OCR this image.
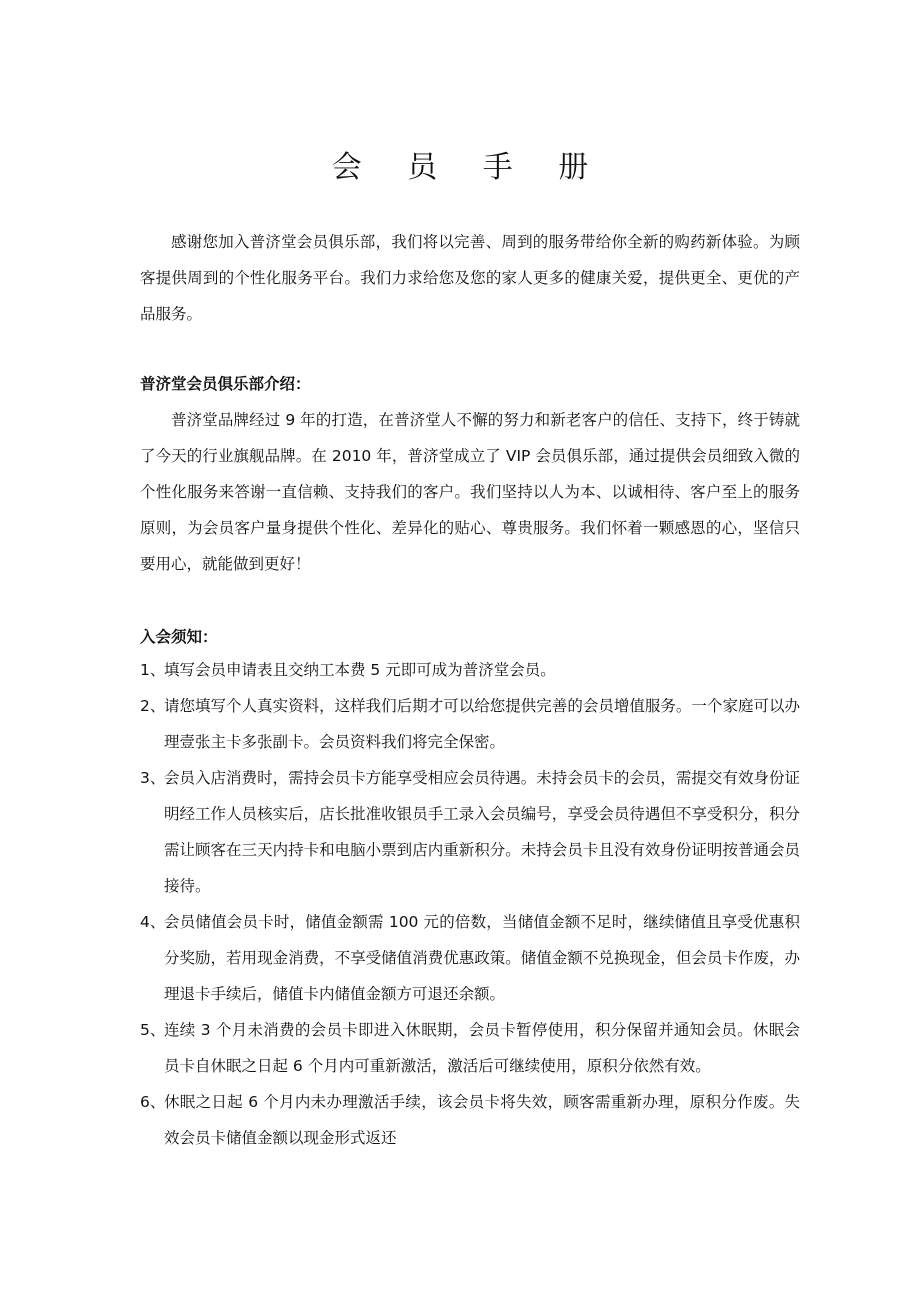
会 员 手 册
感谢您加入普济堂会员俱乐部，我们将以完善、周到的服务带给你全新的购药新体验。为顾客提供周到的个性化服务平台。我们力求给您及您的家人更多的健康关爱，提供更全、更优的产品服务。
普济堂会员俱乐部介绍：
普济堂品牌经过 9 年的打造，在普济堂人不懈的努力和新老客户的信任、支持下，终于铸就了今天的行业旗舰品牌。在 2010 年，普济堂成立了 VIP 会员俱乐部，通过提供会员细致入微的个性化服务来答谢一直信赖、支持我们的客户。我们坚持以人为本、以诚相待、客户至上的服务原则，为会员客户量身提供个性化、差异化的贴心、尊贵服务。我们怀着一颗感恩的心，坚信只要用心，就能做到更好！
入会须知：
1、
填写会员申请表且交纳工本费 5 元即可成为普济堂会员。
2、
请您填写个人真实资料，这样我们后期才可以给您提供完善的会员增值服务。一个家庭可以办理壹张主卡多张副卡。会员资料我们将完全保密。
3、
会员入店消费时，需持会员卡方能享受相应会员待遇。未持会员卡的会员，需提交有效身份证明经工作人员核实后，店长批准收银员手工录入会员编号，享受会员待遇但不享受积分，积分需让顾客在三天内持卡和电脑小票到店内重新积分。未持会员卡且没有效身份证明按普通会员接待。
4、
会员储值会员卡时，储值金额需 100 元的倍数，当储值金额不足时，继续储值且享受优惠积分奖励，若用现金消费，不享受储值消费优惠政策。储值金额不兑换现金，但会员卡作废，办理退卡手续后，储值卡内储值金额方可退还余额。
5、
连续 3 个月未消费的会员卡即进入休眠期，会员卡暂停使用，积分保留并通知会员。休眠会员卡自休眠之日起 6 个月内可重新激活，激活后可继续使用，原积分依然有效。
6、
休眠之日起 6 个月内未办理激活手续，该会员卡将失效，顾客需重新办理，原积分作废。失效会员卡储值金额以现金形式返还
